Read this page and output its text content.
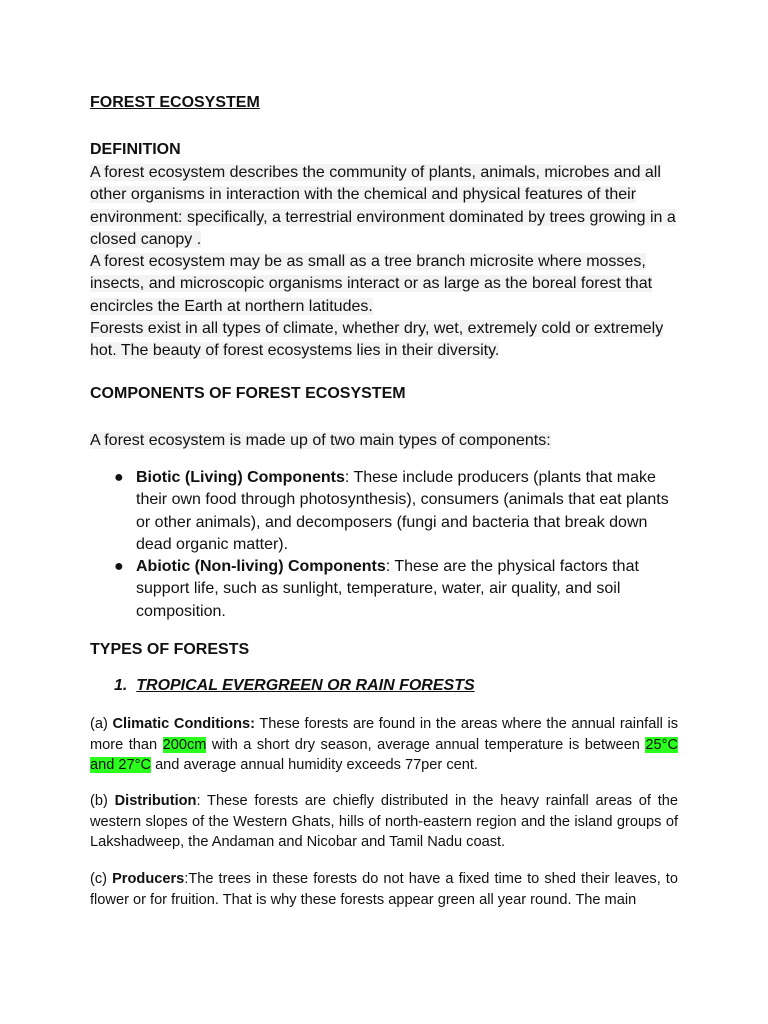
FOREST ECOSYSTEM
DEFINITION
A forest ecosystem describes the community of plants, animals, microbes and all other organisms in interaction with the chemical and physical features of their environment: specifically, a terrestrial environment dominated by trees growing in a closed canopy .
A forest ecosystem may be as small as a tree branch microsite where mosses, insects, and microscopic organisms interact or as large as the boreal forest that encircles the Earth at northern latitudes.
Forests exist in all types of climate, whether dry, wet, extremely cold or extremely hot. The beauty of forest ecosystems lies in their diversity.
COMPONENTS OF FOREST ECOSYSTEM
A forest ecosystem is made up of two main types of components:
● Biotic (Living) Components: These include producers (plants that make their own food through photosynthesis), consumers (animals that eat plants or other animals), and decomposers (fungi and bacteria that break down dead organic matter).
● Abiotic (Non-living) Components: These are the physical factors that support life, such as sunlight, temperature, water, air quality, and soil composition.
TYPES OF FORESTS
1. TROPICAL EVERGREEN OR RAIN FORESTS
(a) Climatic Conditions: These forests are found in the areas where the annual rainfall is more than 200cm with a short dry season, average annual temperature is between 25°C and 27°C and average annual humidity exceeds 77per cent.
(b) Distribution: These forests are chiefly distributed in the heavy rainfall areas of the western slopes of the Western Ghats, hills of north-eastern region and the island groups of Lakshadweep, the Andaman and Nicobar and Tamil Nadu coast.
(c) Producers:The trees in these forests do not have a fixed time to shed their leaves, to flower or for fruition. That is why these forests appear green all year round. The main
